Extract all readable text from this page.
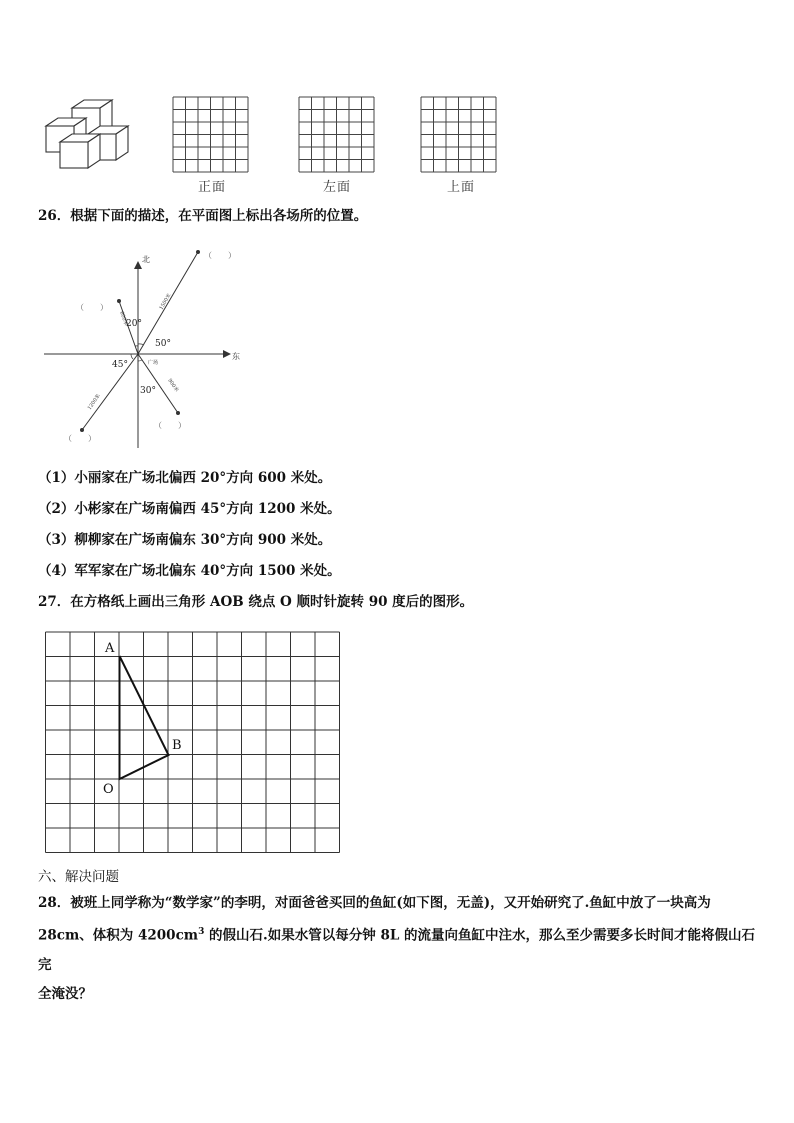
正面	左面	上面
26．根据下面的描述，在平面图上标出各场所的位置。
北
东
广场
1500米
600米
1200米
900米
20°
50°
45°
30°
（　　）
（　　）
（　　）
（　　）
（1）小丽家在广场北偏西 20°方向 600 米处。
（2）小彬家在广场南偏西 45°方向 1200 米处。
（3）柳柳家在广场南偏东 30°方向 900 米处。
（4）军军家在广场北偏东 40°方向 1500 米处。
27．在方格纸上画出三角形 AOB 绕点 O 顺时针旋转 90 度后的图形。
A
B
O
六、解决问题
28．被班上同学称为“数学家”的李明，对面爸爸买回的鱼缸(如下图，无盖)，又开始研究了.鱼缸中放了一块高为
28cm、体积为 $4200cm^3$ 的假山石.如果水管以每分钟 8L 的流量向鱼缸中注水，那么至少需要多长时间才能将假山石完
全淹没？
